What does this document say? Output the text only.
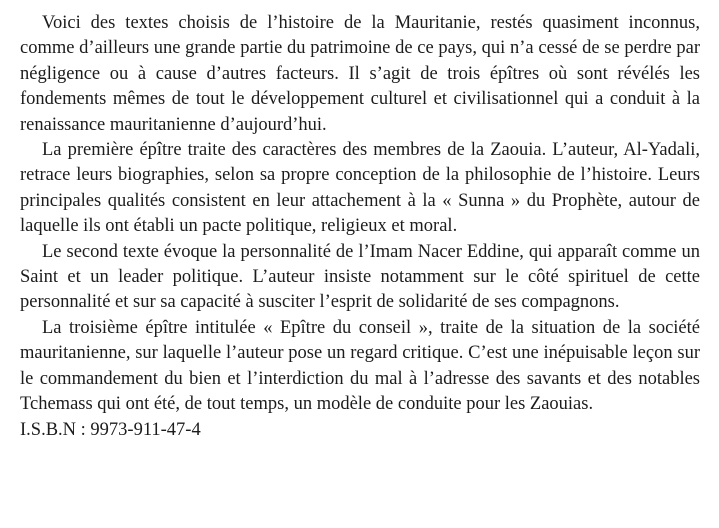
Voici des textes choisis de l’histoire de la Mauritanie, restés quasiment inconnus, comme d’ailleurs une grande partie du patrimoine de ce pays, qui n’a cessé de se perdre par négligence ou à cause d’autres facteurs. Il s’agit de trois épîtres où sont révélés les fondements mêmes de tout le développement culturel et civilisationnel qui a conduit à la renaissance mauritanienne d’aujourd’hui.

La première épître traite des caractères des membres de la Zaouia. L’auteur, Al-Yadali, retrace leurs biographies, selon sa propre conception de la philosophie de l’histoire. Leurs principales qualités consistent en leur attachement à la « Sunna » du Prophète, autour de laquelle ils ont établi un pacte politique, religieux et moral.

Le second texte évoque la personnalité de l’Imam Nacer Eddine, qui apparaît comme un Saint et un leader politique. L’auteur insiste notamment sur le côté spirituel de cette personnalité et sur sa capacité à susciter l’esprit de solidarité de ses compagnons.

La troisième épître intitulée « Epître du conseil », traite de la situation de la société mauritanienne, sur laquelle l’auteur pose un regard critique. C’est une inépuisable leçon sur le commandement du bien et l’interdiction du mal à l’adresse des savants et des notables Tchemass qui ont été, de tout temps, un modèle de conduite pour les Zaouias.

I.S.B.N : 9973-911-47-4
